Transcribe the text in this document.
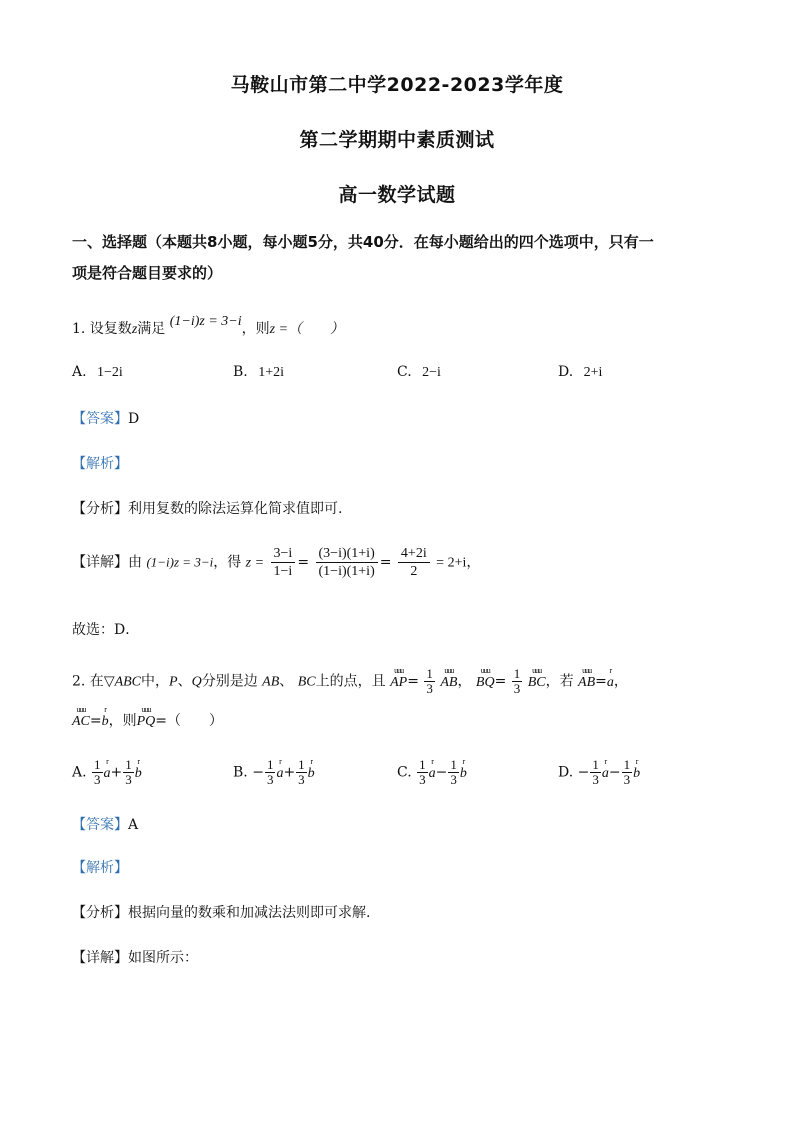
马鞍山市第二中学2022-2023学年度
第二学期期中素质测试
高一数学试题
一、选择题（本题共8小题，每小题5分，共40分．在每小题给出的四个选项中，只有一
项是符合题目要求的）
1. 设复数z满足 (1−i)z = 3−i，则z =（　　）
A. 1−2i	B. 1+2i	C. 2−i	D. 2+i
【答案】D
【解析】
【分析】利用复数的除法运算化简求值即可.
【详解】由 (1−i)z = 3−i，得 $z = \frac{3-i}{1-i} = \frac{(3-i)(1+i)}{(1-i)(1+i)} = \frac{4+2i}{2} = 2+i$，
故选：D．
2. 在▽ABC中，P、Q分别是边 AB、 BC上的点，且
uuu
$AP= \frac{1}{3}$
	uuu
AB，
uuu
$BQ= \frac{1}{3}$
	uuu
BC，若
uuu
AB=
r
a，
uuu
AC=
r
b，则
uuu
PQ=（　　）
A. $\frac{1}{3}$ r
$a+ \frac{1}{3}$ r
b	B. − $\frac{1}{3}$ r
$a+ \frac{1}{3}$ r
b	C. $\frac{1}{3}$ r
$a- \frac{1}{3}$ r
b	D. − $\frac{1}{3}$ r
$a- \frac{1}{3}$ r
b
【答案】A
【解析】
【分析】根据向量的数乘和加减法法则即可求解.
【详解】如图所示：
